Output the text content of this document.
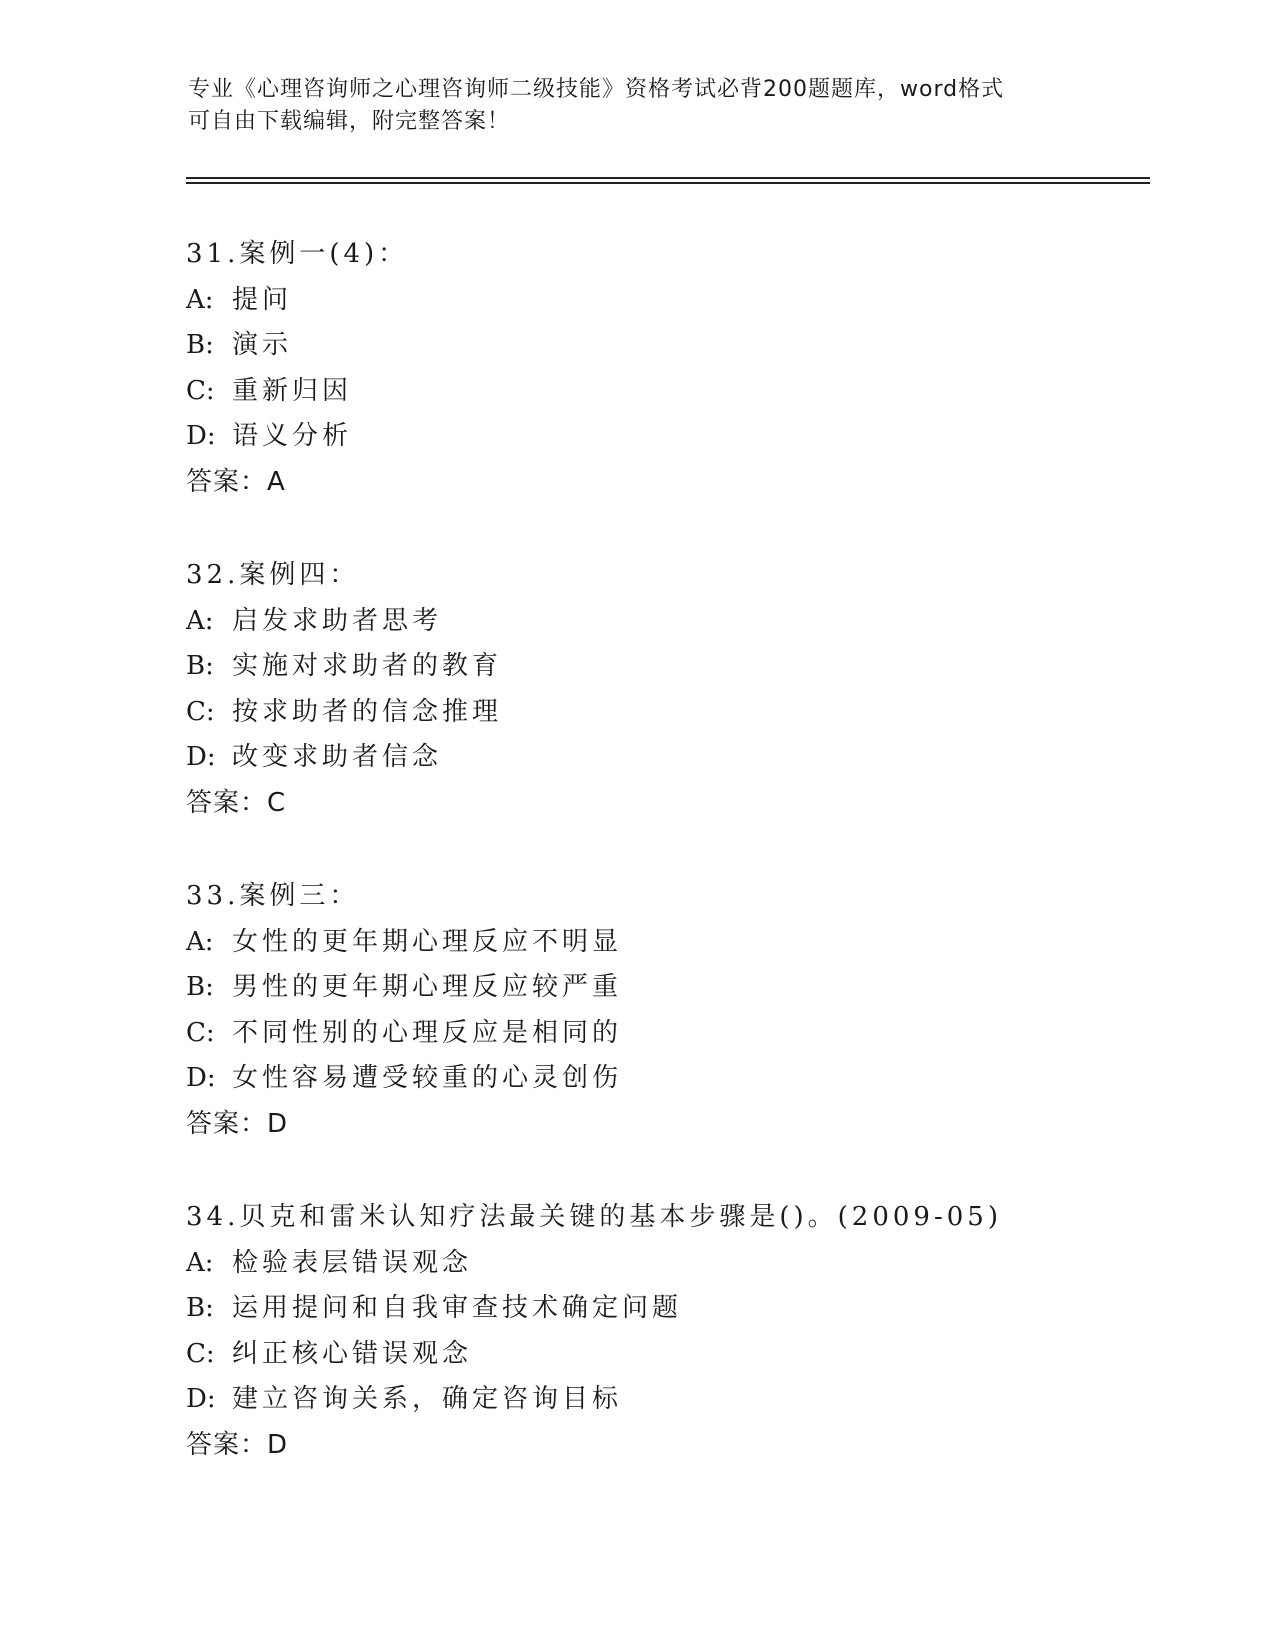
专业《心理咨询师之心理咨询师二级技能》资格考试必背200题题库，word格式
可自由下载编辑，附完整答案！
31.案例一(4)：
A: 提问
B: 演示
C: 重新归因
D: 语义分析
答案：A
32.案例四：
A: 启发求助者思考
B: 实施对求助者的教育
C: 按求助者的信念推理
D: 改变求助者信念
答案：C
33.案例三：
A: 女性的更年期心理反应不明显
B: 男性的更年期心理反应较严重
C: 不同性别的心理反应是相同的
D: 女性容易遭受较重的心灵创伤
答案：D
34.贝克和雷米认知疗法最关键的基本步骤是()。(2009-05)
A: 检验表层错误观念
B: 运用提问和自我审查技术确定问题
C: 纠正核心错误观念
D: 建立咨询关系，确定咨询目标
答案：D
